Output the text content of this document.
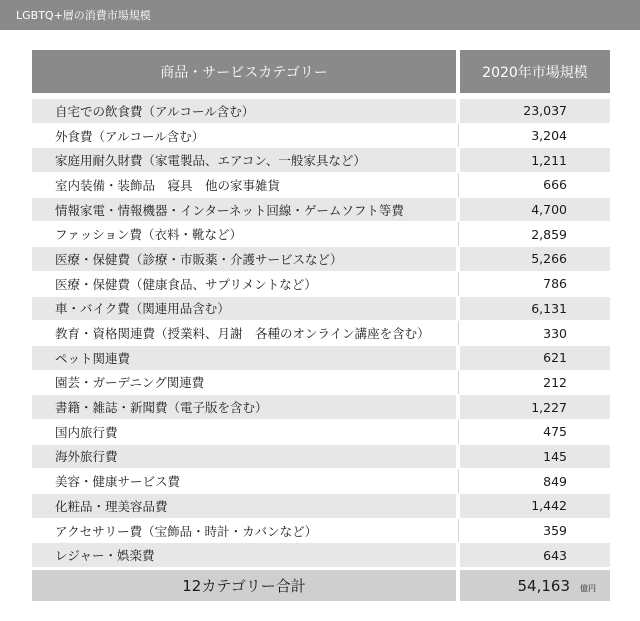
LGBTQ+層の消費市場規模
商品・サービスカテゴリー	2020年市場規模
自宅での飲食費（アルコール含む）	23,037
外食費（アルコール含む）	3,204
家庭用耐久財費（家電製品、エアコン、一般家具など）	1,211
室内装備・装飾品　寝具　他の家事雑貨	666
情報家電・情報機器・インターネット回線・ゲームソフト等費	4,700
ファッション費（衣料・靴など）	2,859
医療・保健費（診療・市販薬・介護サービスなど）	5,266
医療・保健費（健康食品、サプリメントなど）	786
車・バイク費（関連用品含む）	6,131
教育・資格関連費（授業料、月謝　各種のオンライン講座を含む）	330
ペット関連費	621
園芸・ガーデニング関連費	212
書籍・雑誌・新聞費（電子版を含む）	1,227
国内旅行費	475
海外旅行費	145
美容・健康サービス費	849
化粧品・理美容品費	1,442
アクセサリー費（宝飾品・時計・カバンなど）	359
レジャー・娯楽費	643
12カテゴリー合計	54,163 億円
